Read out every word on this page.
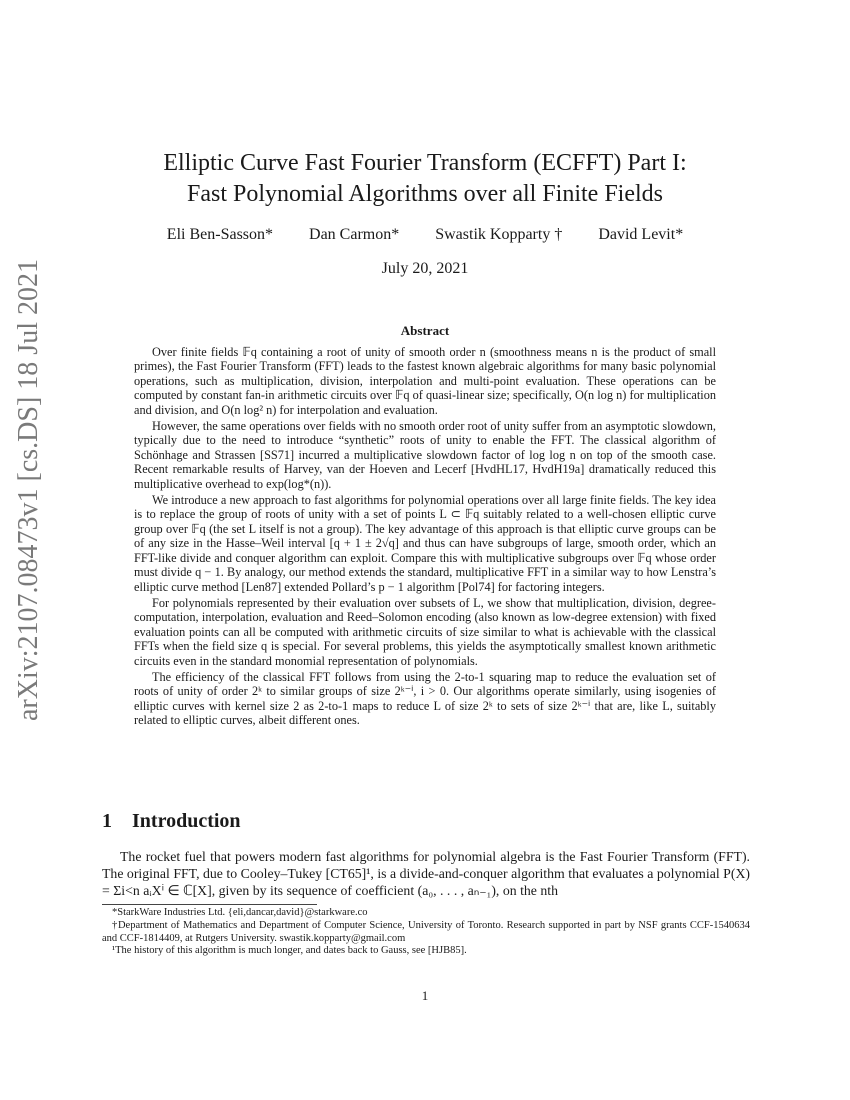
arXiv:2107.08473v1 [cs.DS] 18 Jul 2021
Elliptic Curve Fast Fourier Transform (ECFFT) Part I:
Fast Polynomial Algorithms over all Finite Fields
Eli Ben-Sasson* Dan Carmon* Swastik Kopparty † David Levit*
July 20, 2021
Abstract

Over finite fields 𝔽q containing a root of unity of smooth order n (smoothness means n is the product of small primes), the Fast Fourier Transform (FFT) leads to the fastest known algebraic algorithms for many basic polynomial operations, such as multiplication, division, interpolation and multi-point evaluation. These operations can be computed by constant fan-in arithmetic circuits over 𝔽q of quasi-linear size; specifically, O(n log n) for multiplication and division, and O(n log² n) for interpolation and evaluation.

However, the same operations over fields with no smooth order root of unity suffer from an asymptotic slowdown, typically due to the need to introduce “synthetic” roots of unity to enable the FFT. The classical algorithm of Schönhage and Strassen [SS71] incurred a multiplicative slowdown factor of log log n on top of the smooth case. Recent remarkable results of Harvey, van der Hoeven and Lecerf [HvdHL17, HvdH19a] dramatically reduced this multiplicative overhead to exp(log*(n)).

We introduce a new approach to fast algorithms for polynomial operations over all large finite fields. The key idea is to replace the group of roots of unity with a set of points L ⊂ 𝔽q suitably related to a well-chosen elliptic curve group over 𝔽q (the set L itself is not a group). The key advantage of this approach is that elliptic curve groups can be of any size in the Hasse–Weil interval [q + 1 ± 2√q] and thus can have subgroups of large, smooth order, which an FFT-like divide and conquer algorithm can exploit. Compare this with multiplicative subgroups over 𝔽q whose order must divide q − 1. By analogy, our method extends the standard, multiplicative FFT in a similar way to how Lenstra’s elliptic curve method [Len87] extended Pollard’s p − 1 algorithm [Pol74] for factoring integers.

For polynomials represented by their evaluation over subsets of L, we show that multiplication, division, degree-computation, interpolation, evaluation and Reed–Solomon encoding (also known as low-degree extension) with fixed evaluation points can all be computed with arithmetic circuits of size similar to what is achievable with the classical FFTs when the field size q is special. For several problems, this yields the asymptotically smallest known arithmetic circuits even in the standard monomial representation of polynomials.

The efficiency of the classical FFT follows from using the 2-to-1 squaring map to reduce the evaluation set of roots of unity of order 2ᵏ to similar groups of size 2ᵏ⁻ⁱ, i > 0. Our algorithms operate similarly, using isogenies of elliptic curves with kernel size 2 as 2-to-1 maps to reduce L of size 2ᵏ to sets of size 2ᵏ⁻ⁱ that are, like L, suitably related to elliptic curves, albeit different ones.

1 Introduction

The rocket fuel that powers modern fast algorithms for polynomial algebra is the Fast Fourier Transform (FFT). The original FFT, due to Cooley–Tukey [CT65]¹, is a divide-and-conquer algorithm that evaluates a polynomial P(X) = Σi<n aᵢXⁱ ∈ ℂ[X], given by its sequence of coefficient (a₀, . . . , aₙ₋₁), on the nth

*StarkWare Industries Ltd. {eli,dancar,david}@starkware.co
†Department of Mathematics and Department of Computer Science, University of Toronto. Research supported in part by NSF grants CCF-1540634 and CCF-1814409, at Rutgers University. swastik.kopparty@gmail.com
¹The history of this algorithm is much longer, and dates back to Gauss, see [HJB85].
1
